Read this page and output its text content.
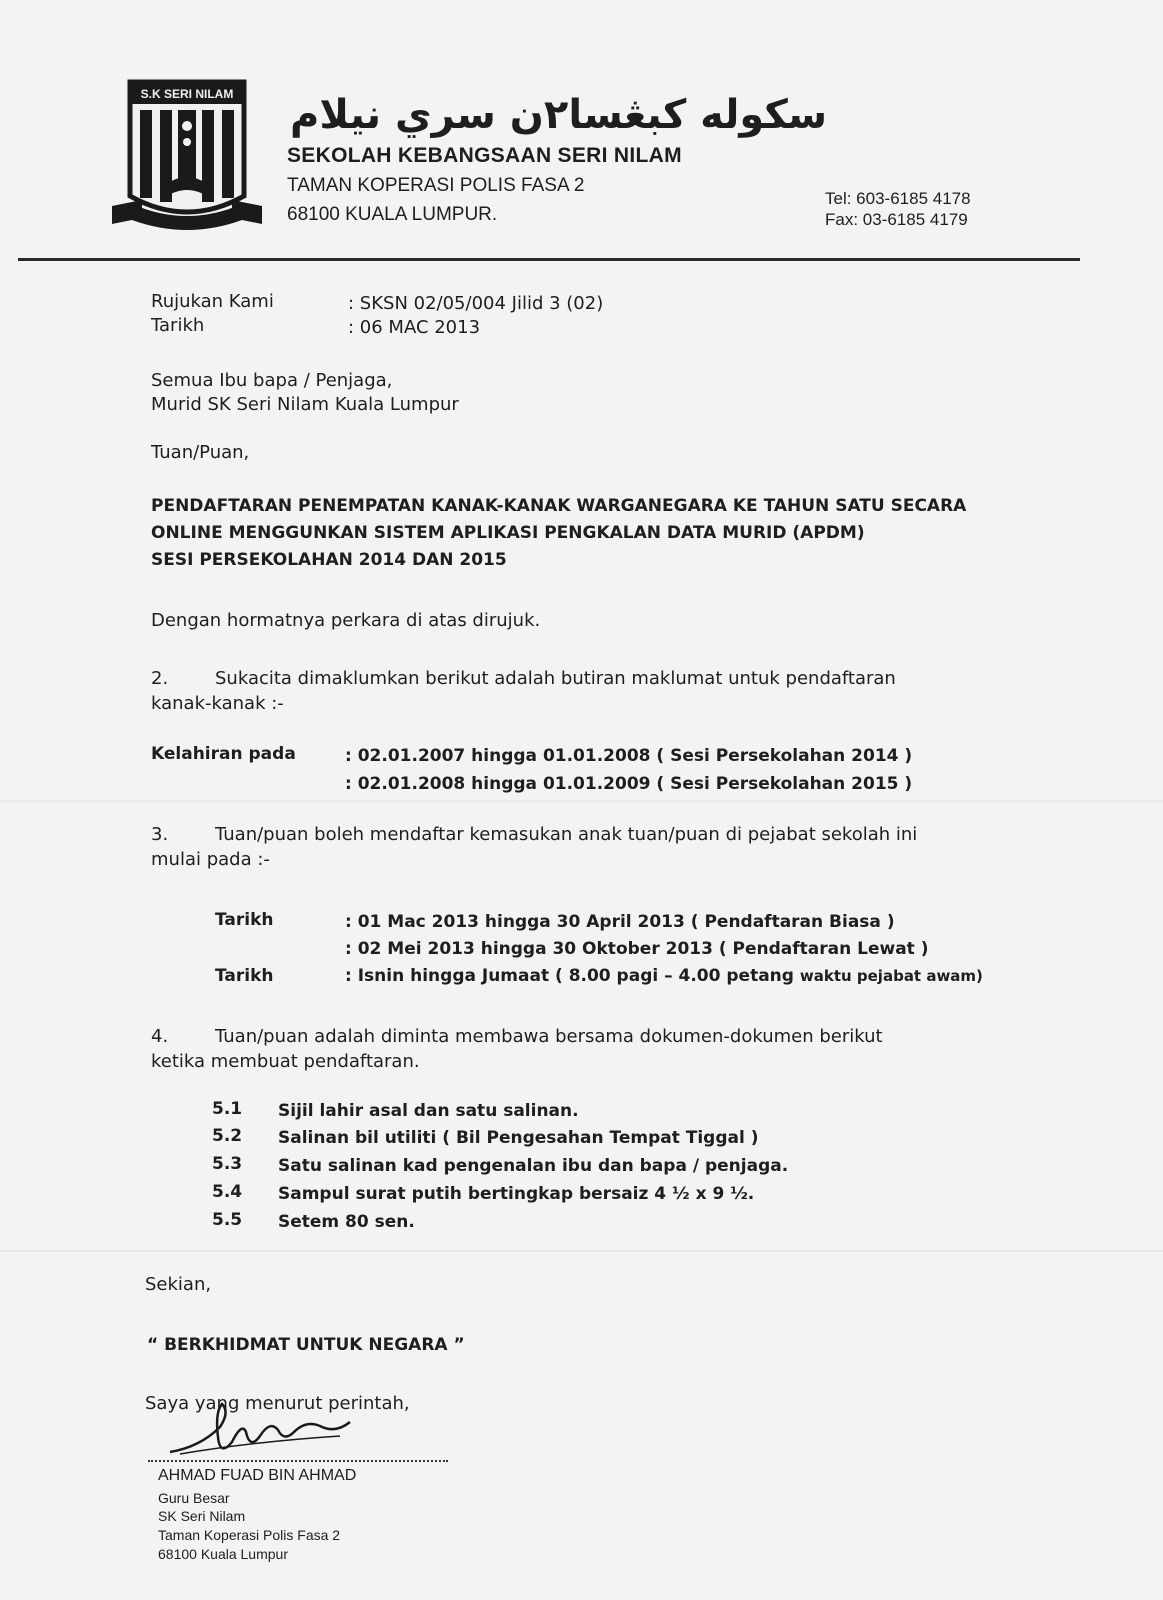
S.K SERI NILAM سكوله كبڠسا٢ن سري نيلام
SEKOLAH KEBANGSAAN SERI NILAM
TAMAN KOPERASI POLIS FASA 2
68100 KUALA LUMPUR.
Tel: 603-6185 4178
Fax: 03-6185 4179
Rujukan Kami	: SKSN 02/05/004 Jilid 3 (02)
Tarikh	: 06 MAC 2013
Semua Ibu bapa / Penjaga,
Murid SK Seri Nilam Kuala Lumpur
Tuan/Puan,
PENDAFTARAN PENEMPATAN KANAK-KANAK WARGANEGARA KE TAHUN SATU SECARA
ONLINE MENGGUNKAN SISTEM APLIKASI PENGKALAN DATA MURID (APDM)
SESI PERSEKOLAHAN 2014 DAN 2015
Dengan hormatnya perkara di atas dirujuk.
2.	Sukacita dimaklumkan berikut adalah butiran maklumat untuk pendaftaran
kanak-kanak :-
Kelahiran pada	: 02.01.2007 hingga 01.01.2008 ( Sesi Persekolahan 2014 )
: 02.01.2008 hingga 01.01.2009 ( Sesi Persekolahan 2015 )
3.	Tuan/puan boleh mendaftar kemasukan anak tuan/puan di pejabat sekolah ini
mulai pada :-
Tarikh	: 01 Mac 2013 hingga 30 April 2013 ( Pendaftaran Biasa )
: 02 Mei 2013 hingga 30 Oktober 2013 ( Pendaftaran Lewat )
Tarikh	: Isnin hingga Jumaat ( 8.00 pagi – 4.00 petang waktu pejabat awam)
4.	Tuan/puan adalah diminta membawa bersama dokumen-dokumen berikut
ketika membuat pendaftaran.
5.1 Sijil lahir asal dan satu salinan.
5.2 Salinan bil utiliti ( Bil Pengesahan Tempat Tiggal )
5.3 Satu salinan kad pengenalan ibu dan bapa / penjaga.
5.4 Sampul surat putih bertingkap bersaiz 4 ½ x 9 ½.
5.5 Setem 80 sen.
Sekian,
“ BERKHIDMAT UNTUK NEGARA ”
Saya yang menurut perintah,
AHMAD FUAD BIN AHMAD
Guru Besar
SK Seri Nilam
Taman Koperasi Polis Fasa 2
68100 Kuala Lumpur
